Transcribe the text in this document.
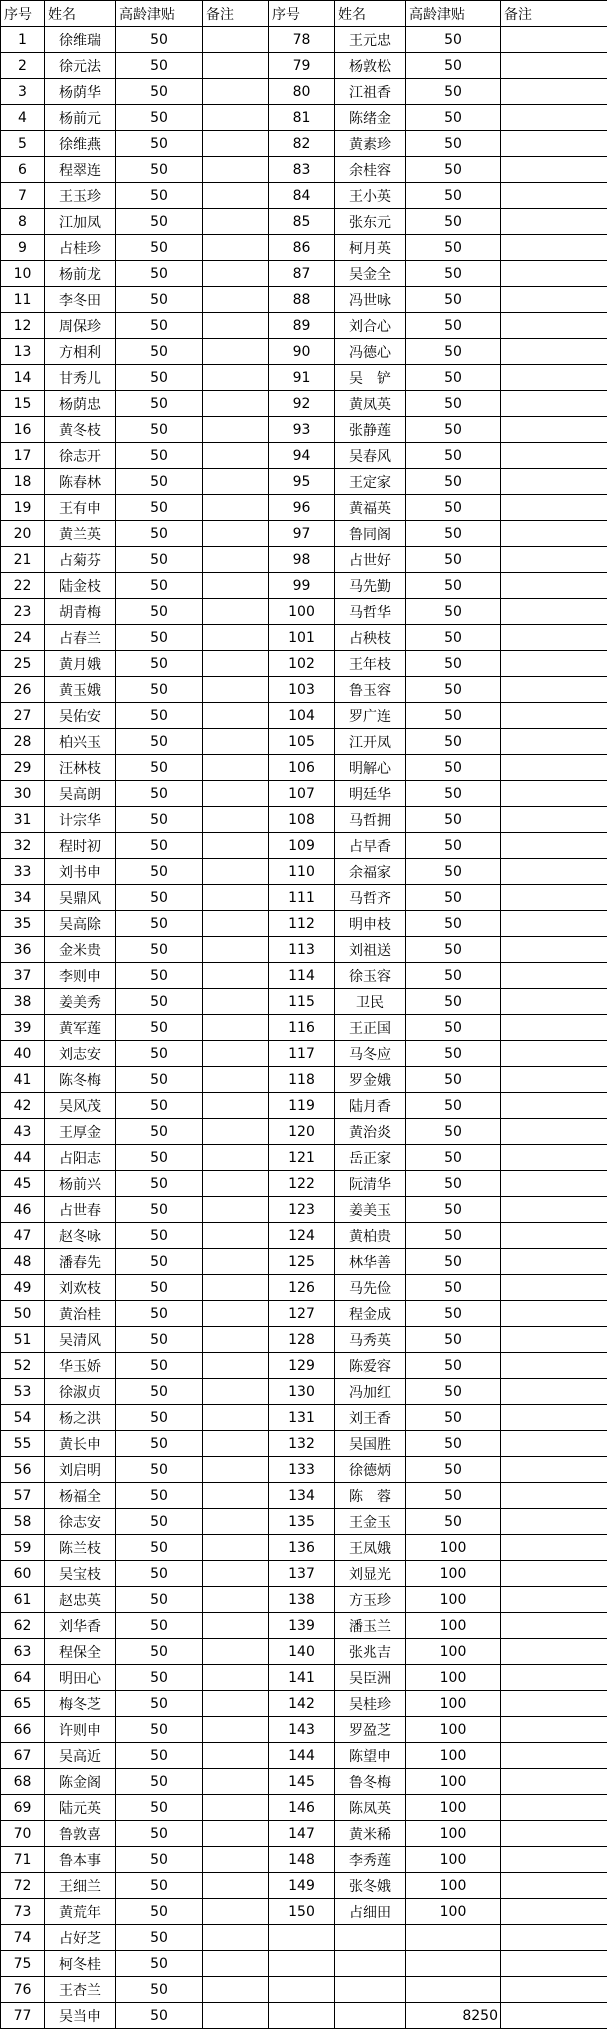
序号	姓名	高龄津贴	备注	序号	姓名	高龄津贴	备注
1	徐维瑞	50		78	王元忠	50	
2	徐元法	50		79	杨敦松	50	
3	杨荫华	50		80	江祖香	50	
4	杨前元	50		81	陈绪金	50	
5	徐维燕	50		82	黄素珍	50	
6	程翠连	50		83	余桂容	50	
7	王玉珍	50		84	王小英	50	
8	江加凤	50		85	张东元	50	
9	占桂珍	50		86	柯月英	50	
10	杨前龙	50		87	吴金全	50	
11	李冬田	50		88	冯世咏	50	
12	周保珍	50		89	刘合心	50	
13	方相利	50		90	冯德心	50	
14	甘秀儿	50		91	吴　铲	50	
15	杨荫忠	50		92	黄凤英	50	
16	黄冬枝	50		93	张静莲	50	
17	徐志开	50		94	吴春风	50	
18	陈春林	50		95	王定家	50	
19	王有申	50		96	黄福英	50	
20	黄兰英	50		97	鲁同阁	50	
21	占菊芬	50		98	占世好	50	
22	陆金枝	50		99	马先勤	50	
23	胡青梅	50		100	马哲华	50	
24	占春兰	50		101	占秧枝	50	
25	黄月娥	50		102	王年枝	50	
26	黄玉娥	50		103	鲁玉容	50	
27	吴佑安	50		104	罗广连	50	
28	柏兴玉	50		105	江开凤	50	
29	汪林枝	50		106	明解心	50	
30	吴高朗	50		107	明廷华	50	
31	计宗华	50		108	马哲拥	50	
32	程时初	50		109	占早香	50	
33	刘书申	50		110	余福家	50	
34	吴鼎风	50		111	马哲齐	50	
35	吴高除	50		112	明申枝	50	
36	金米贵	50		113	刘祖送	50	
37	李则申	50		114	徐玉容	50	
38	姜美秀	50		115	卫民	50	
39	黄军莲	50		116	王正国	50	
40	刘志安	50		117	马冬应	50	
41	陈冬梅	50		118	罗金娥	50	
42	吴风茂	50		119	陆月香	50	
43	王厚金	50		120	黄治炎	50	
44	占阳志	50		121	岳正家	50	
45	杨前兴	50		122	阮清华	50	
46	占世春	50		123	姜美玉	50	
47	赵冬咏	50		124	黄柏贵	50	
48	潘春先	50		125	林华善	50	
49	刘欢枝	50		126	马先俭	50	
50	黄治桂	50		127	程金成	50	
51	吴清风	50		128	马秀英	50	
52	华玉娇	50		129	陈爱容	50	
53	徐淑贞	50		130	冯加红	50	
54	杨之洪	50		131	刘王香	50	
55	黄长申	50		132	吴国胜	50	
56	刘启明	50		133	徐德炳	50	
57	杨福全	50		134	陈　蓉	50	
58	徐志安	50		135	王金玉	50	
59	陈兰枝	50		136	王凤娥	100	
60	吴宝枝	50		137	刘显光	100	
61	赵忠英	50		138	方玉珍	100	
62	刘华香	50		139	潘玉兰	100	
63	程保全	50		140	张兆吉	100	
64	明田心	50		141	吴臣洲	100	
65	梅冬芝	50		142	吴桂珍	100	
66	许则申	50		143	罗盈芝	100	
67	吴高近	50		144	陈望申	100	
68	陈金阁	50		145	鲁冬梅	100	
69	陆元英	50		146	陈凤英	100	
70	鲁敦喜	50		147	黄米稀	100	
71	鲁本事	50		148	李秀莲	100	
72	王细兰	50		149	张冬娥	100	
73	黄荒年	50		150	占细田	100	
74	占好芝	50					
75	柯冬桂	50					
76	王杏兰	50					
77	吴当申	50				8250	
